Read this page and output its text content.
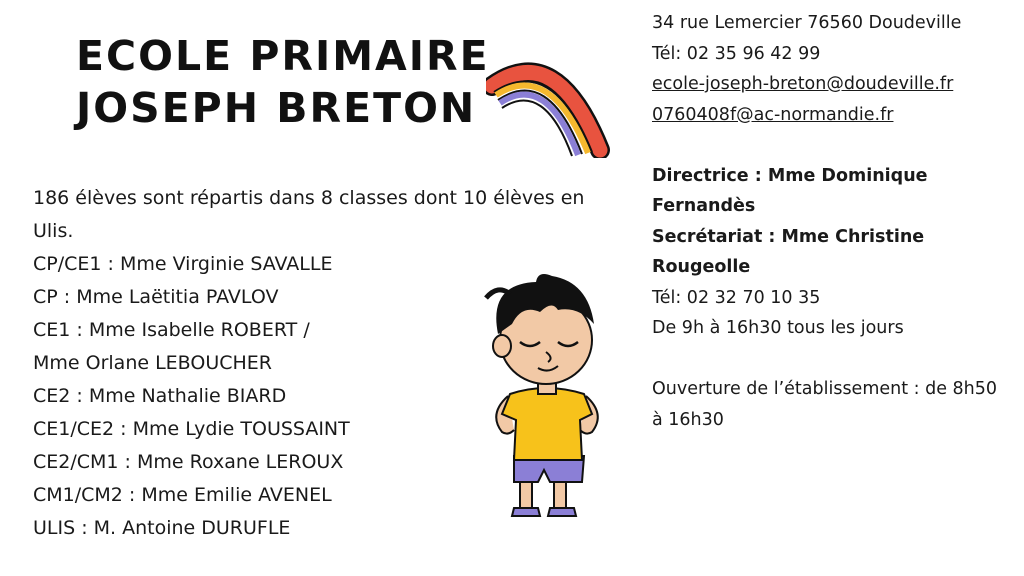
ECOLE PRIMAIRE
JOSEPH BRETON
186 élèves sont répartis dans 8 classes dont 10 élèves en Ulis.
CP/CE1 : Mme Virginie SAVALLE
CP : Mme Laëtitia PAVLOV
CE1 : Mme Isabelle ROBERT /
Mme Orlane LEBOUCHER
CE2 : Mme Nathalie BIARD
CE1/CE2 : Mme Lydie TOUSSAINT
CE2/CM1 : Mme Roxane LEROUX
CM1/CM2 : Mme Emilie AVENEL
ULIS : M. Antoine DURUFLE
34 rue Lemercier 76560 Doudeville
Tél: 02 35 96 42 99
ecole-joseph-breton@doudeville.fr
0760408f@ac-normandie.fr
Directrice : Mme Dominique Fernandès
Secrétariat : Mme Christine Rougeolle
Tél: 02 32 70 10 35
De 9h à 16h30 tous les jours
Ouverture de l’établissement : de 8h50 à 16h30
